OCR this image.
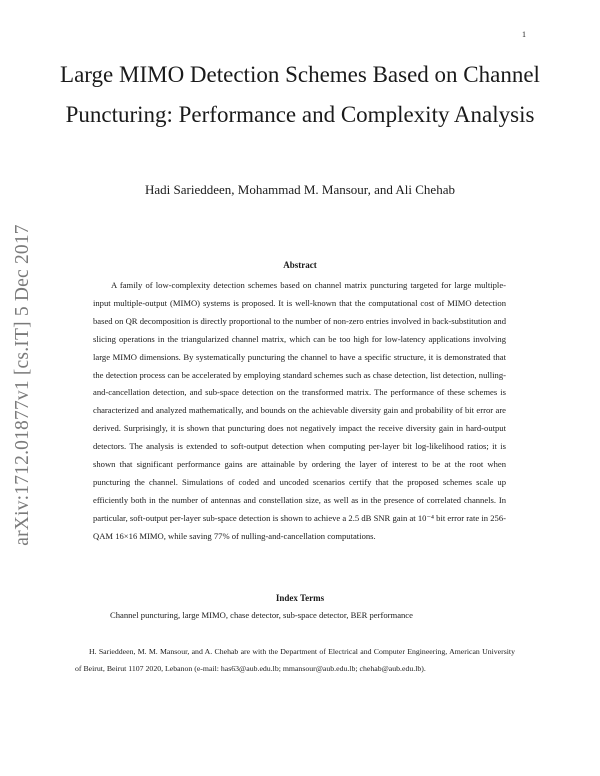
1
arXiv:1712.01877v1 [cs.IT] 5 Dec 2017
Large MIMO Detection Schemes Based on Channel Puncturing: Performance and Complexity Analysis
Hadi Sarieddeen, Mohammad M. Mansour, and Ali Chehab
Abstract

A family of low-complexity detection schemes based on channel matrix puncturing targeted for large multiple-input multiple-output (MIMO) systems is proposed. It is well-known that the computational cost of MIMO detection based on QR decomposition is directly proportional to the number of non-zero entries involved in back-substitution and slicing operations in the triangularized channel matrix, which can be too high for low-latency applications involving large MIMO dimensions. By systematically puncturing the channel to have a specific structure, it is demonstrated that the detection process can be accelerated by employing standard schemes such as chase detection, list detection, nulling-and-cancellation detection, and sub-space detection on the transformed matrix. The performance of these schemes is characterized and analyzed mathematically, and bounds on the achievable diversity gain and probability of bit error are derived. Surprisingly, it is shown that puncturing does not negatively impact the receive diversity gain in hard-output detectors. The analysis is extended to soft-output detection when computing per-layer bit log-likelihood ratios; it is shown that significant performance gains are attainable by ordering the layer of interest to be at the root when puncturing the channel. Simulations of coded and uncoded scenarios certify that the proposed schemes scale up efficiently both in the number of antennas and constellation size, as well as in the presence of correlated channels. In particular, soft-output per-layer sub-space detection is shown to achieve a 2.5 dB SNR gain at 10⁻⁴ bit error rate in 256-QAM 16×16 MIMO, while saving 77% of nulling-and-cancellation computations.

Index Terms
Channel puncturing, large MIMO, chase detector, sub-space detector, BER performance

H. Sarieddeen, M. M. Mansour, and A. Chehab are with the Department of Electrical and Computer Engineering, American University of Beirut, Beirut 1107 2020, Lebanon (e-mail: has63@aub.edu.lb; mmansour@aub.edu.lb; chehab@aub.edu.lb).
